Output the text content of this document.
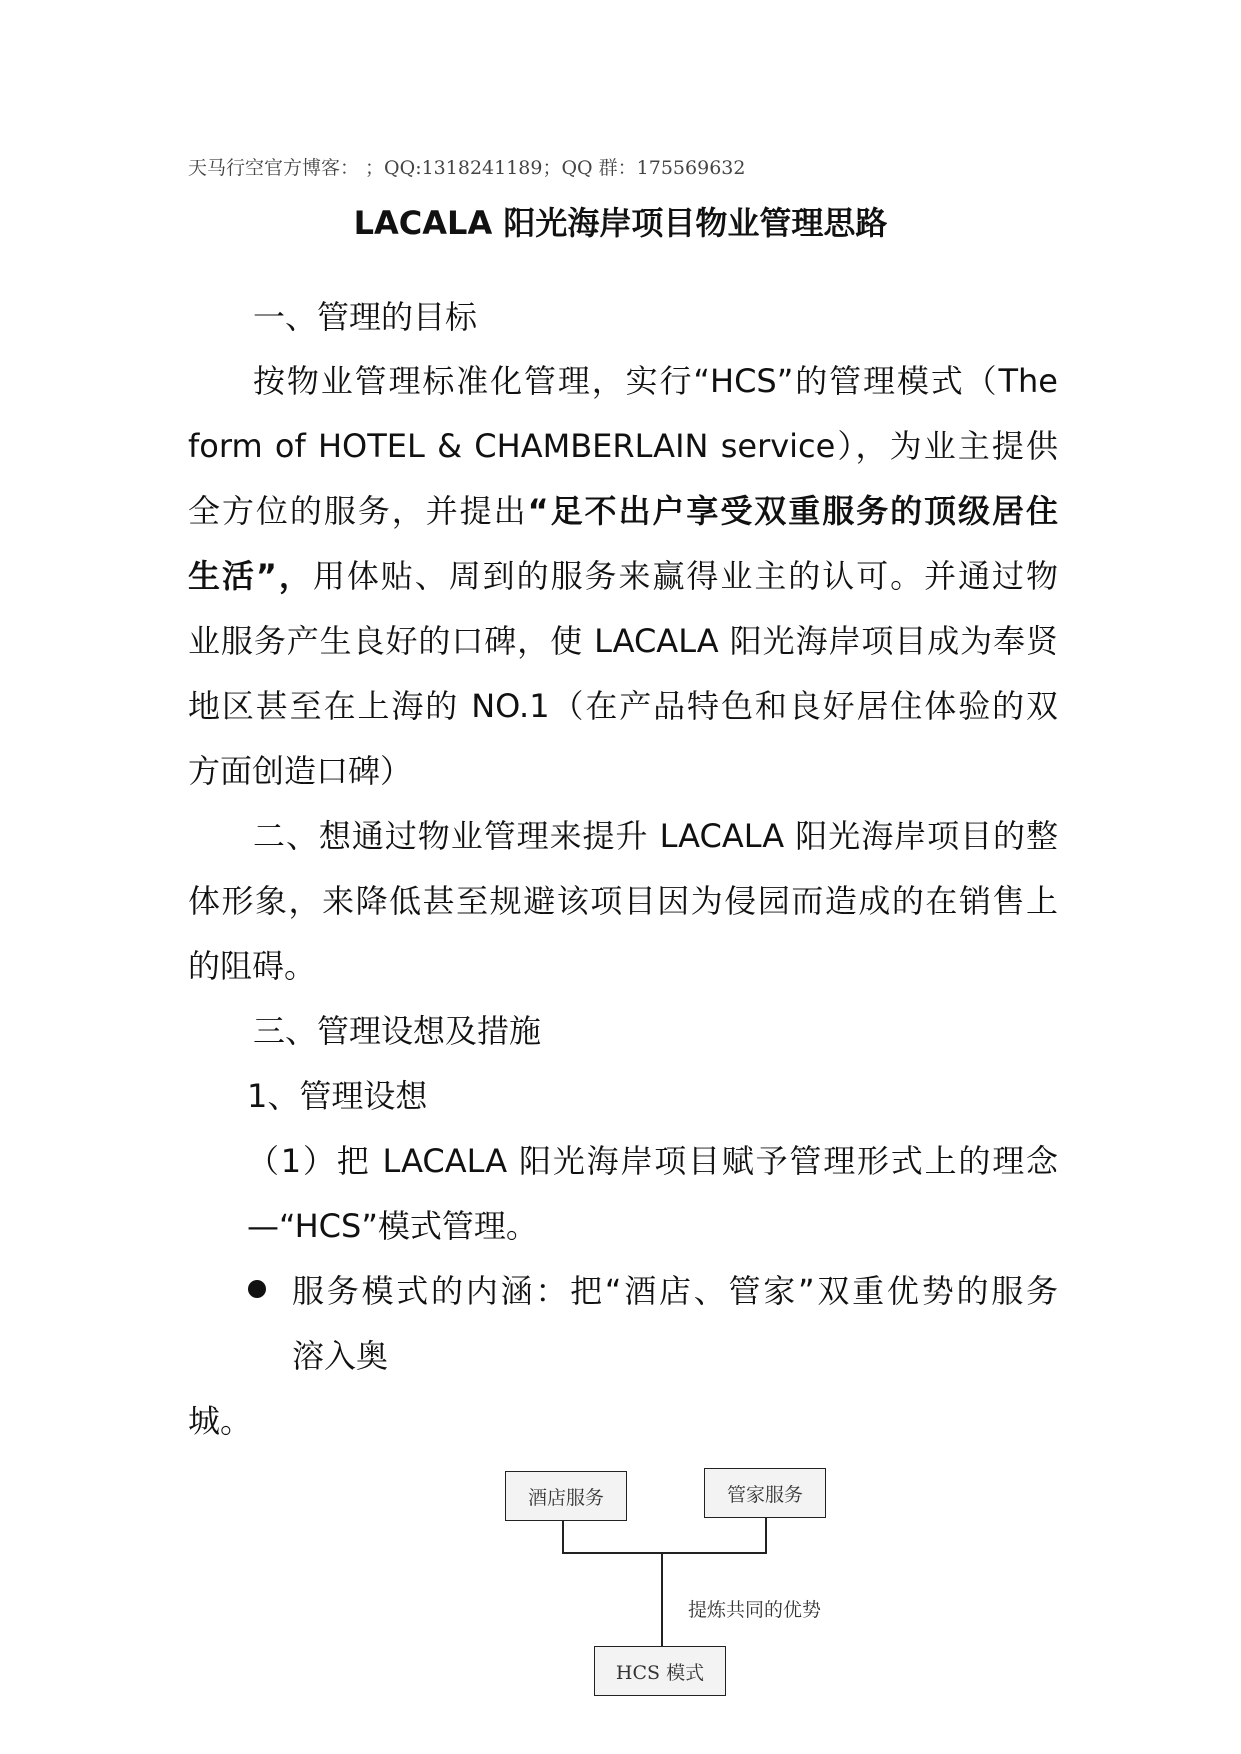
天马行空官方博客： ；QQ:1318241189；QQ 群：175569632
LACALA 阳光海岸项目物业管理思路
一、管理的目标
按物业管理标准化管理，实行“HCS”的管理模式（The
form of HOTEL & CHAMBERLAIN service），为业主提供
全方位的服务，并提出“足不出户享受双重服务的顶级居住
生活”，用体贴、周到的服务来赢得业主的认可。并通过物
业服务产生良好的口碑，使 LACALA 阳光海岸项目成为奉贤
地区甚至在上海的 NO.1（在产品特色和良好居住体验的双
方面创造口碑）
二、想通过物业管理来提升 LACALA 阳光海岸项目的整
体形象，来降低甚至规避该项目因为侵园而造成的在销售上
的阻碍。
三、管理设想及措施
1、管理设想
（1）把 LACALA 阳光海岸项目赋予管理形式上的理念
—“HCS”模式管理。
服务模式的内涵：把“酒店、管家”双重优势的服务
溶入奥
城。
酒店服务	管家服务
提炼共同的优势
HCS 模式
